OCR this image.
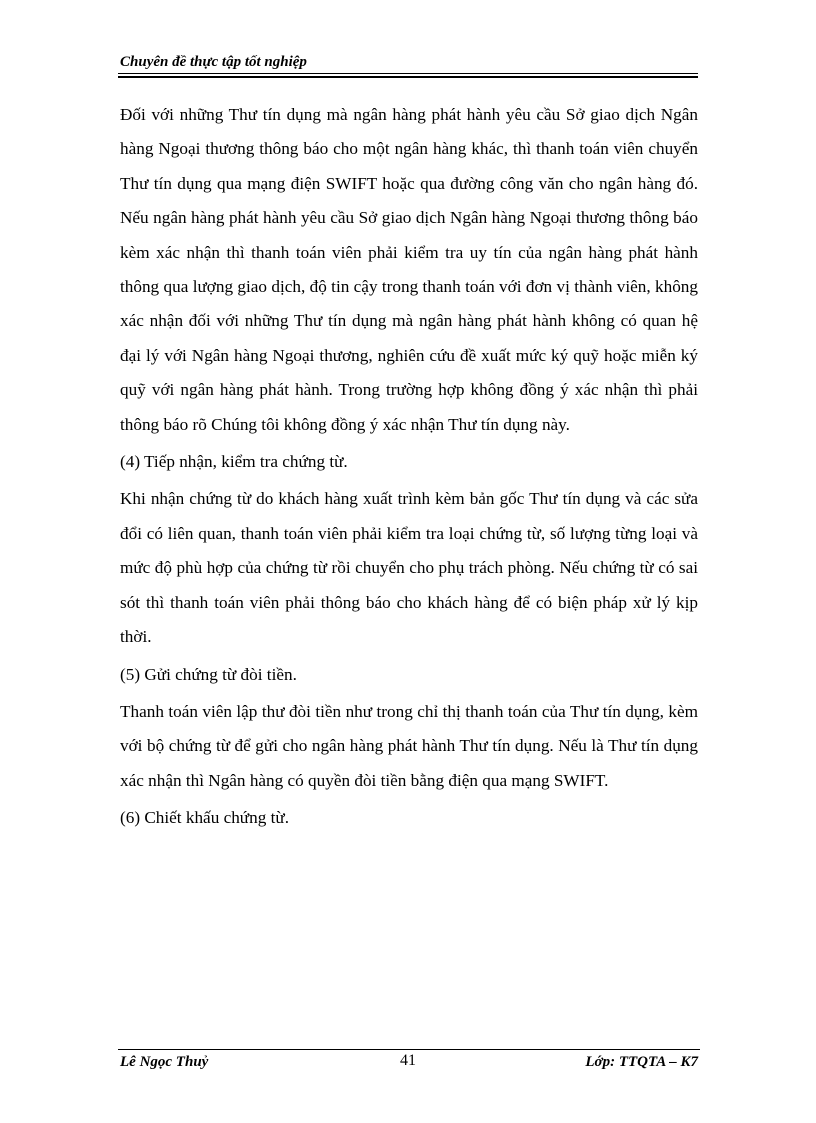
Chuyên đề thực tập tốt nghiệp

Đối với những Thư tín dụng mà ngân hàng phát hành yêu cầu Sở giao dịch Ngân hàng Ngoại thương thông báo cho một ngân hàng khác, thì thanh toán viên chuyển Thư tín dụng qua mạng điện SWIFT hoặc qua đường công văn cho ngân hàng đó. Nếu ngân hàng phát hành yêu cầu Sở giao dịch Ngân hàng Ngoại thương thông báo kèm xác nhận thì thanh toán viên phải kiểm tra uy tín của ngân hàng phát hành thông qua lượng giao dịch, độ tin cậy trong thanh toán với đơn vị thành viên, không xác nhận đối với những Thư tín dụng mà ngân hàng phát hành không có quan hệ đại lý với Ngân hàng Ngoại thương, nghiên cứu đề xuất mức ký quỹ hoặc miễn ký quỹ với ngân hàng phát hành. Trong trường hợp không đồng ý xác nhận thì phải thông báo rõ Chúng tôi không đồng ý xác nhận Thư tín dụng này.

(4) Tiếp nhận, kiểm tra chứng từ.

Khi nhận chứng từ do khách hàng xuất trình kèm bản gốc Thư tín dụng và các sửa đổi có liên quan, thanh toán viên phải kiểm tra loại chứng từ, số lượng từng loại và mức độ phù hợp của chứng từ rồi chuyển cho phụ trách phòng. Nếu chứng từ có sai sót thì thanh toán viên phải thông báo cho khách hàng để có biện pháp xử lý kịp thời.

(5) Gửi chứng từ đòi tiền.

Thanh toán viên lập thư đòi tiền như trong chỉ thị thanh toán của Thư tín dụng, kèm với bộ chứng từ để gửi cho ngân hàng phát hành Thư tín dụng. Nếu là Thư tín dụng xác nhận thì Ngân hàng có quyền đòi tiền bằng điện qua mạng SWIFT.

(6) Chiết khấu chứng từ.

Lê Ngọc Thuỷ	41	Lớp: TTQTA – K7
